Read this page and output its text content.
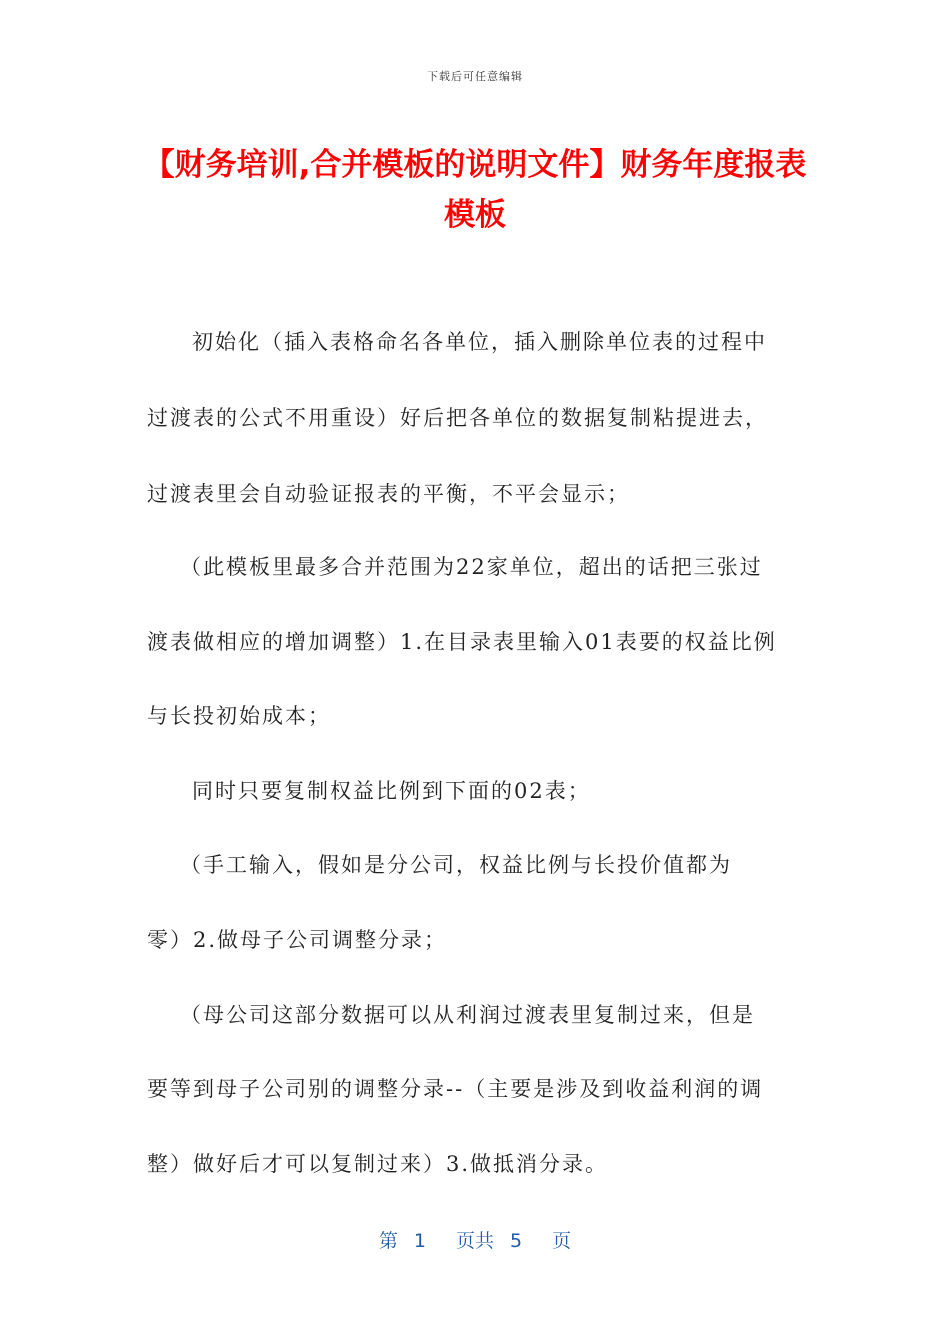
下载后可任意编辑
【财务培训,合并模板的说明文件】财务年度报表模板
初始化（插入表格命名各单位，插入删除单位表的过程中
过渡表的公式不用重设）好后把各单位的数据复制粘提进去，
过渡表里会自动验证报表的平衡，不平会显示；
（此模板里最多合并范围为22家单位，超出的话把三张过
渡表做相应的增加调整）1.在目录表里输入01表要的权益比例
与长投初始成本；
同时只要复制权益比例到下面的02表；
（手工输入，假如是分公司，权益比例与长投价值都为
零）2.做母子公司调整分录；
（母公司这部分数据可以从利润过渡表里复制过来，但是
要等到母子公司别的调整分录--（主要是涉及到收益利润的调
整）做好后才可以复制过来）3.做抵消分录。
第 1 页共 5 页
